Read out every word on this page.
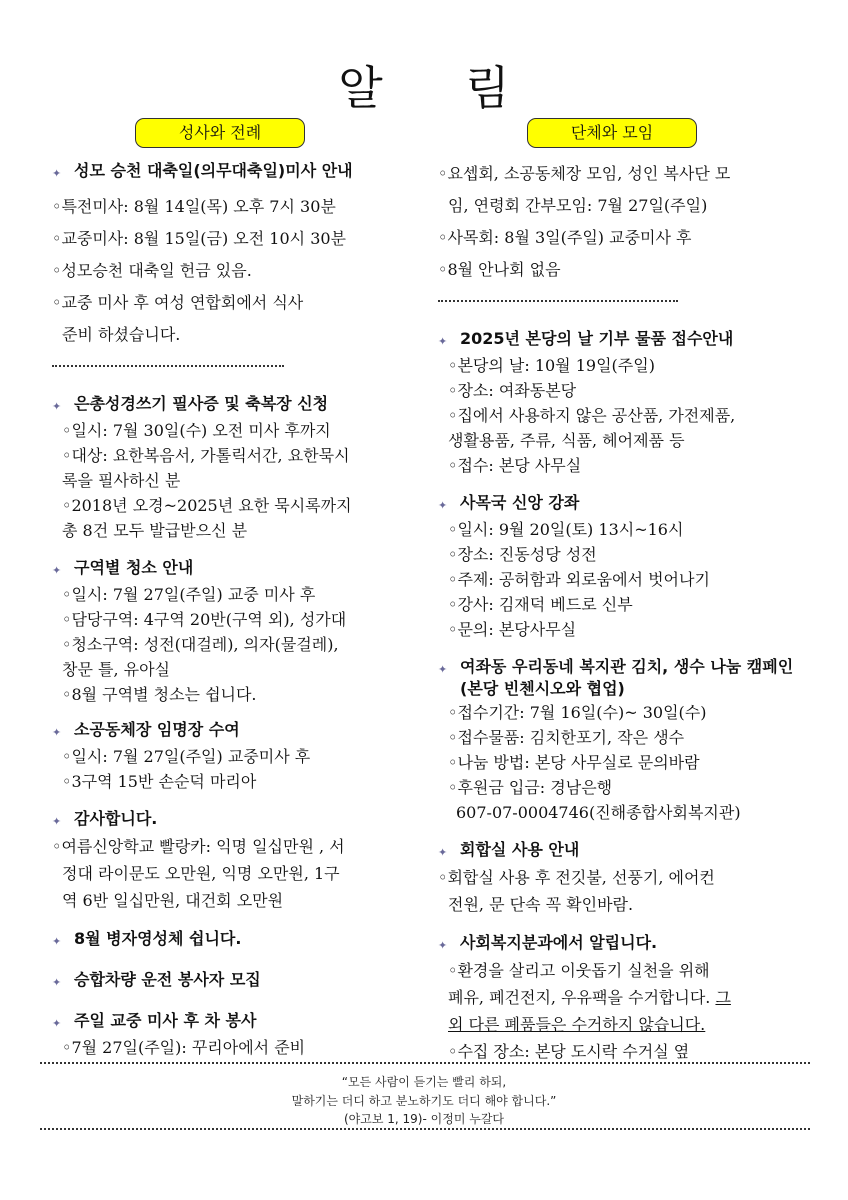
알 림
성사와 전례
✦ 성모 승천 대축일(의무대축일)미사 안내
◦특전미사: 8월 14일(목) 오후 7시 30분
◦교중미사: 8월 15일(금) 오전 10시 30분
◦성모승천 대축일 헌금 있음.
◦교중 미사 후 여성 연합회에서 식사
준비 하셨습니다.
✦ 은총성경쓰기 필사증 및 축복장 신청
◦일시: 7월 30일(수) 오전 미사 후까지
◦대상: 요한복음서, 가톨릭서간, 요한묵시
록을 필사하신 분
◦2018년 오경~2025년 요한 묵시록까지
총 8건 모두 발급받으신 분
✦ 구역별 청소 안내
◦일시: 7월 27일(주일) 교중 미사 후
◦담당구역: 4구역 20반(구역 외), 성가대
◦청소구역: 성전(대걸레), 의자(물걸레),
창문 틀, 유아실
◦8월 구역별 청소는 쉽니다.
✦ 소공동체장 임명장 수여
◦일시: 7월 27일(주일) 교중미사 후
◦3구역 15반 손순덕 마리아
✦ 감사합니다.
◦여름신앙학교 빨랑카: 익명 일십만원 , 서
정대 라이문도 오만원, 익명 오만원, 1구
역 6반 일십만원, 대건회 오만원
✦ 8월 병자영성체 쉽니다.
✦ 승합차량 운전 봉사자 모집
✦ 주일 교중 미사 후 차 봉사
◦7월 27일(주일): 꾸리아에서 준비
단체와 모임
◦요셉회, 소공동체장 모임, 성인 복사단 모
임, 연령회 간부모임: 7월 27일(주일)
◦사목회: 8월 3일(주일) 교중미사 후
◦8월 안나회 없음
✦ 2025년 본당의 날 기부 물품 접수안내
◦본당의 날: 10월 19일(주일)
◦장소: 여좌동본당
◦집에서 사용하지 않은 공산품, 가전제품,
생활용품, 주류, 식품, 헤어제품 등
◦접수: 본당 사무실
✦ 사목국 신앙 강좌
◦일시: 9월 20일(토) 13시~16시
◦장소: 진동성당 성전
◦주제: 공허함과 외로움에서 벗어나기
◦강사: 김재덕 베드로 신부
◦문의: 본당사무실
✦ 여좌동 우리동네 복지관 김치, 생수 나눔 캠페인(본당 빈첸시오와 협업)
◦접수기간: 7월 16일(수)~ 30일(수)
◦접수물품: 김치한포기, 작은 생수
◦나눔 방법: 본당 사무실로 문의바람
◦후원금 입금: 경남은행
607-07-0004746(진해종합사회복지관)
✦ 회합실 사용 안내
◦회합실 사용 후 전깃불, 선풍기, 에어컨
전원, 문 단속 꼭 확인바람.
✦ 사회복지분과에서 알립니다.
◦환경을 살리고 이웃돕기 실천을 위해
폐유, 폐건전지, 우유팩을 수거합니다. 그
외 다른 폐품들은 수거하지 않습니다.
◦수집 장소: 본당 도시락 수거실 옆
“모든 사람이 듣기는 빨리 하되,
말하기는 더디 하고 분노하기도 더디 해야 합니다.”
(야고보 1, 19)- 이정미 누갈다
